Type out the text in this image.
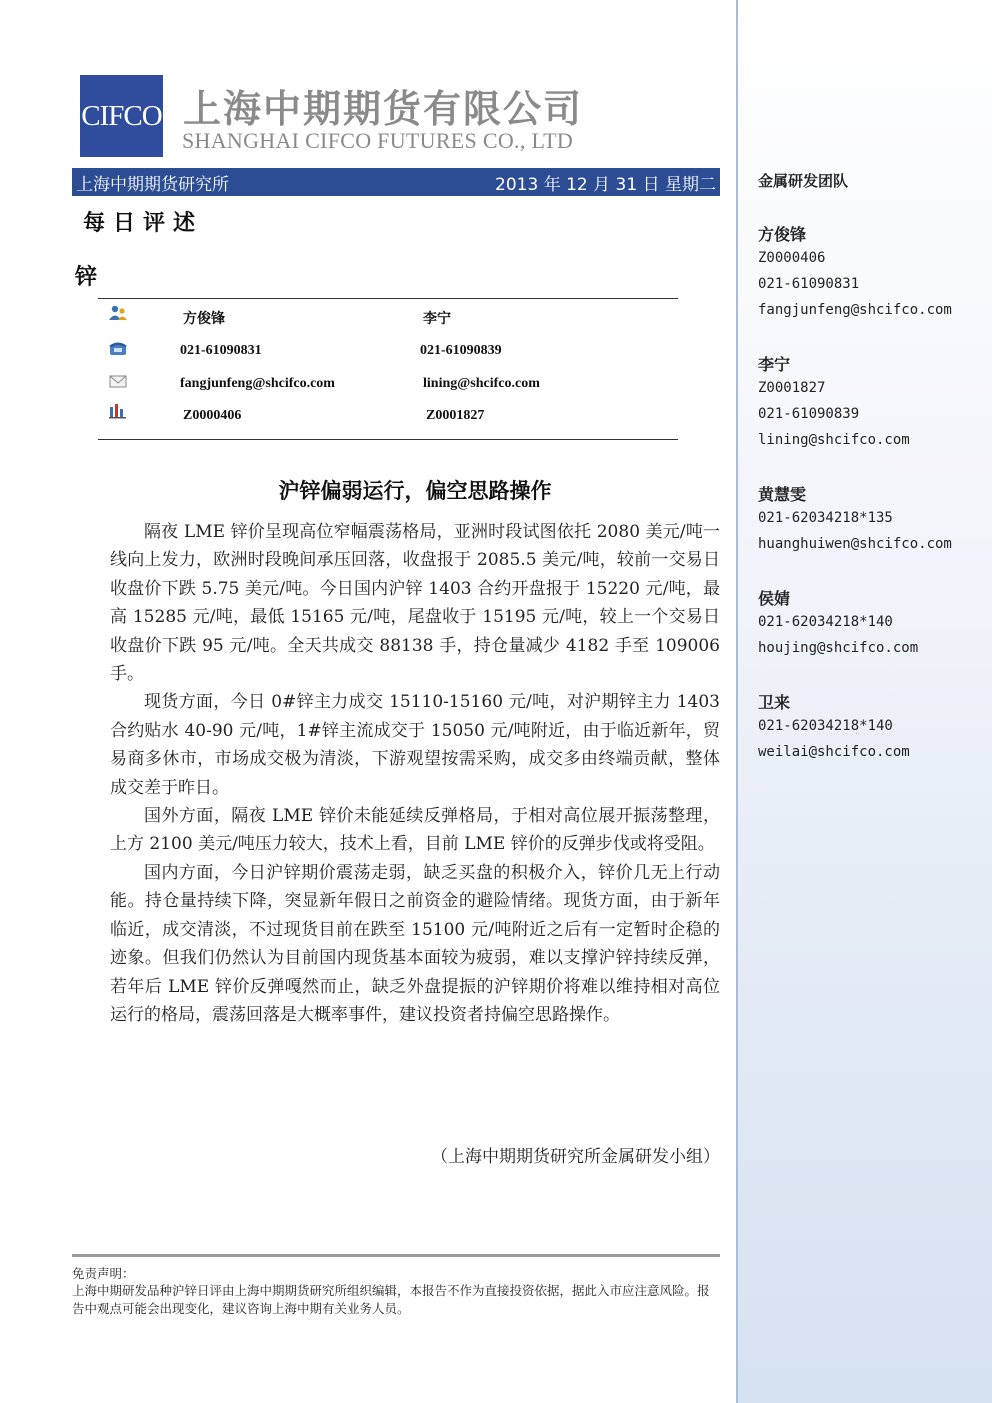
CIFCO 上海中期期货有限公司
SHANGHAI CIFCO FUTURES CO., LTD
上海中期期货研究所	2013 年 12 月 31 日 星期二
每日评述
锌
方俊锋	李宁
021-61090831	021-61090839
fangjunfeng@shcifco.com	lining@shcifco.com
Z0000406	Z0001827
沪锌偏弱运行，偏空思路操作

隔夜 LME 锌价呈现高位窄幅震荡格局，亚洲时段试图依托 2080 美元/吨一线向上发力，欧洲时段晚间承压回落，收盘报于 2085.5 美元/吨，较前一交易日收盘价下跌 5.75 美元/吨。今日国内沪锌 1403 合约开盘报于 15220 元/吨，最高 15285 元/吨，最低 15165 元/吨，尾盘收于 15195 元/吨，较上一个交易日收盘价下跌 95 元/吨。全天共成交 88138 手，持仓量减少 4182 手至 109006 手。

现货方面，今日 0#锌主力成交 15110-15160 元/吨，对沪期锌主力 1403 合约贴水 40-90 元/吨，1#锌主流成交于 15050 元/吨附近，由于临近新年，贸易商多休市，市场成交极为清淡，下游观望按需采购，成交多由终端贡献，整体成交差于昨日。

国外方面，隔夜 LME 锌价未能延续反弹格局，于相对高位展开振荡整理，上方 2100 美元/吨压力较大，技术上看，目前 LME 锌价的反弹步伐或将受阻。

国内方面，今日沪锌期价震荡走弱，缺乏买盘的积极介入，锌价几无上行动能。持仓量持续下降，突显新年假日之前资金的避险情绪。现货方面，由于新年临近，成交清淡，不过现货目前在跌至 15100 元/吨附近之后有一定暂时企稳的迹象。但我们仍然认为目前国内现货基本面较为疲弱，难以支撑沪锌持续反弹，若年后 LME 锌价反弹嘎然而止，缺乏外盘提振的沪锌期价将难以维持相对高位运行的格局，震荡回落是大概率事件，建议投资者持偏空思路操作。

（上海中期期货研究所金属研发小组）
免责声明：
上海中期研发品种沪锌日评由上海中期期货研究所组织编辑，本报告不作为直接投资依据，据此入市应注意风险。报告中观点可能会出现变化，建议咨询上海中期有关业务人员。
金属研发团队
方俊锋
Z0000406
021-61090831
fangjunfeng@shcifco.com
李宁
Z0001827
021-61090839
lining@shcifco.com
黄慧雯
021-62034218*135
huanghuiwen@shcifco.com
侯婧
021-62034218*140
houjing@shcifco.com
卫来
021-62034218*140
weilai@shcifco.com
